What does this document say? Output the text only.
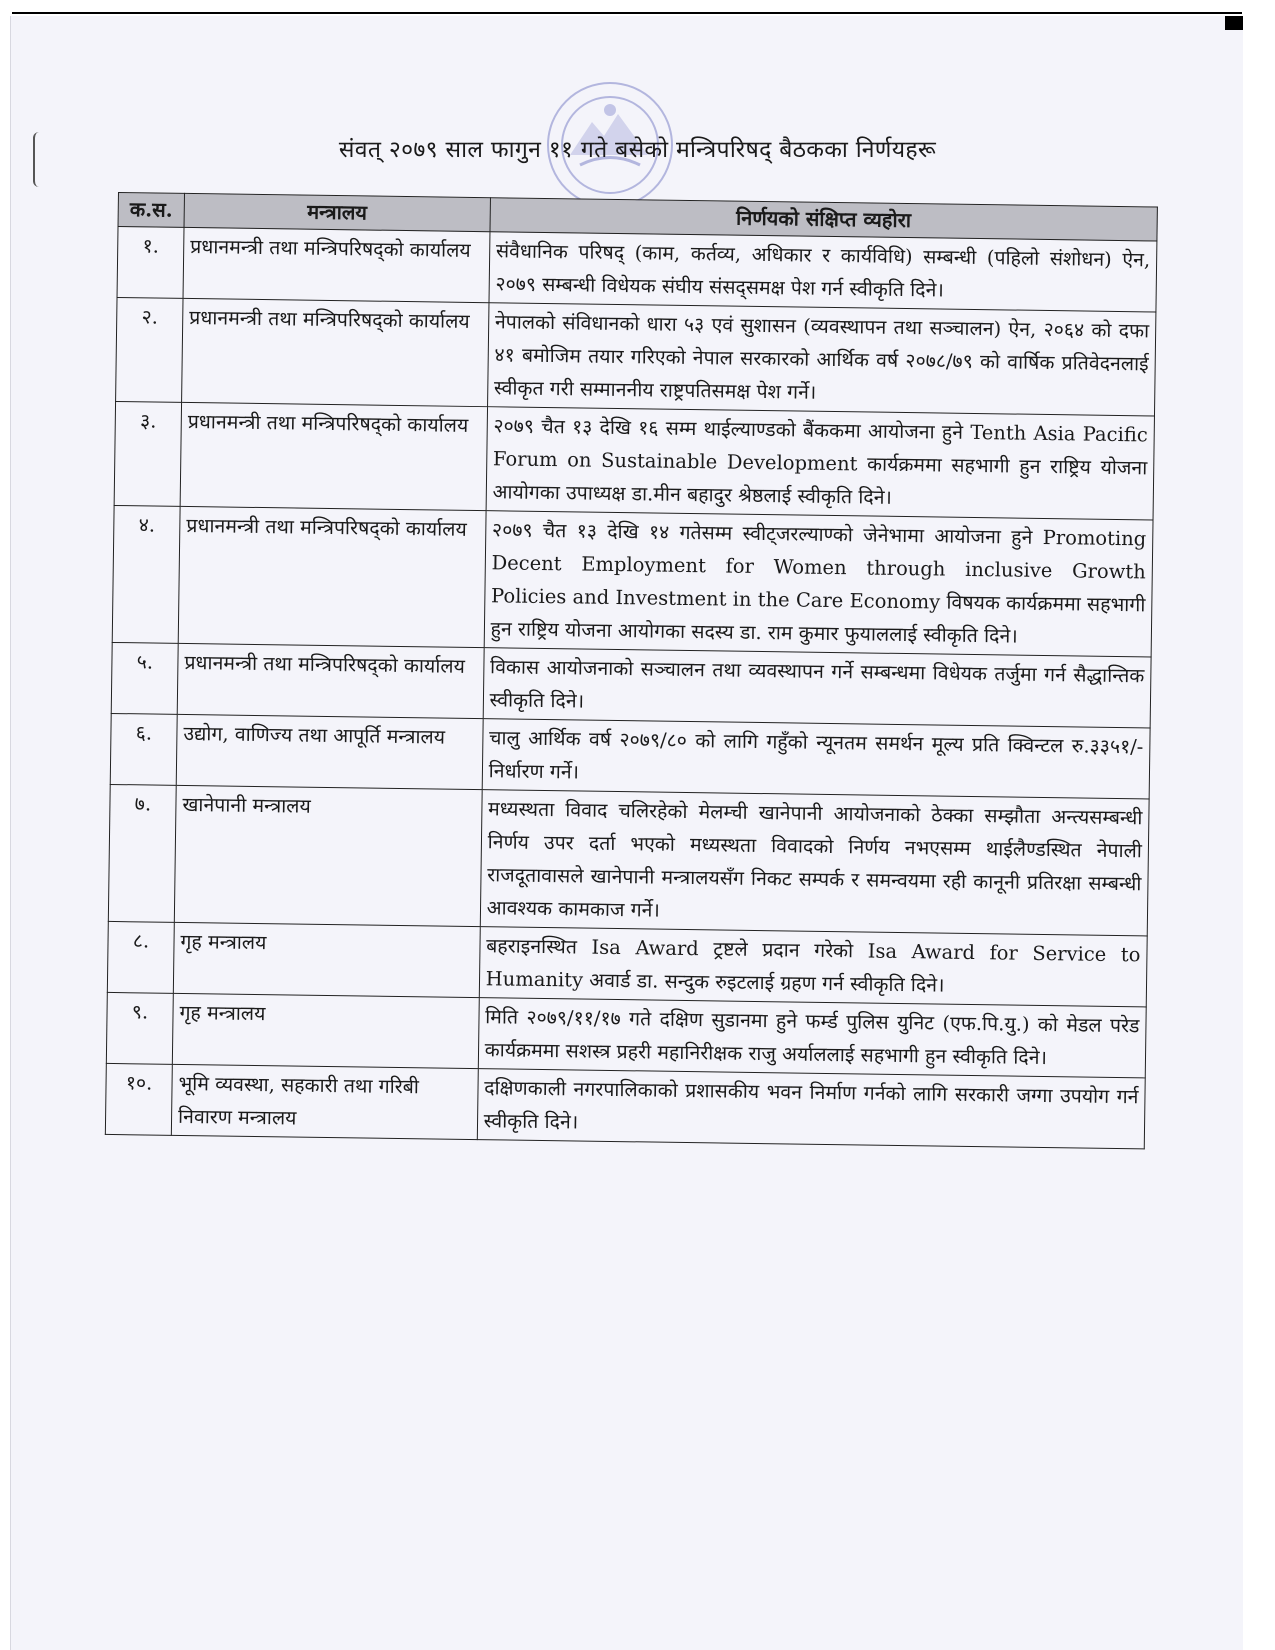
संवत् २०७९ साल फागुन ११ गते बसेको मन्त्रिपरिषद् बैठकका निर्णयहरू
क.स.	मन्त्रालय	निर्णयको संक्षिप्त व्यहोरा
१.	प्रधानमन्त्री तथा मन्त्रिपरिषद्को कार्यालय	संवैधानिक परिषद् (काम, कर्तव्य, अधिकार र कार्यविधि) सम्बन्धी (पहिलो संशोधन) ऐन, २०७९ सम्बन्धी विधेयक संघीय संसद्समक्ष पेश गर्न स्वीकृति दिने।
२.	प्रधानमन्त्री तथा मन्त्रिपरिषद्को कार्यालय	नेपालको संविधानको धारा ५३ एवं सुशासन (व्यवस्थापन तथा सञ्चालन) ऐन, २०६४ को दफा ४१ बमोजिम तयार गरिएको नेपाल सरकारको आर्थिक वर्ष २०७८/७९ को वार्षिक प्रतिवेदनलाई स्वीकृत गरी सम्माननीय राष्ट्रपतिसमक्ष पेश गर्ने।
३.	प्रधानमन्त्री तथा मन्त्रिपरिषद्को कार्यालय	२०७९ चैत १३ देखि १६ सम्म थाईल्याण्डको बैंककमा आयोजना हुने Tenth Asia Pacific Forum on Sustainable Development कार्यक्रममा सहभागी हुन राष्ट्रिय योजना आयोगका उपाध्यक्ष डा.मीन बहादुर श्रेष्ठलाई स्वीकृति दिने।
४.	प्रधानमन्त्री तथा मन्त्रिपरिषद्को कार्यालय	२०७९ चैत १३ देखि १४ गतेसम्म स्वीट्जरल्याण्को जेनेभामा आयोजना हुने Promoting Decent Employment for Women through inclusive Growth Policies and Investment in the Care Economy विषयक कार्यक्रममा सहभागी हुन राष्ट्रिय योजना आयोगका सदस्य डा. राम कुमार फुयाललाई स्वीकृति दिने।
५.	प्रधानमन्त्री तथा मन्त्रिपरिषद्को कार्यालय	विकास आयोजनाको सञ्चालन तथा व्यवस्थापन गर्ने सम्बन्धमा विधेयक तर्जुमा गर्न सैद्धान्तिक स्वीकृति दिने।
६.	उद्योग, वाणिज्य तथा आपूर्ति मन्त्रालय	चालु आर्थिक वर्ष २०७९/८० को लागि गहुँको न्यूनतम समर्थन मूल्य प्रति क्विन्टल रु.३३५१/- निर्धारण गर्ने।
७.	खानेपानी मन्त्रालय	मध्यस्थता विवाद चलिरहेको मेलम्ची खानेपानी आयोजनाको ठेक्का सम्झौता अन्त्यसम्बन्धी निर्णय उपर दर्ता भएको मध्यस्थता विवादको निर्णय नभएसम्म थाईलैण्डस्थित नेपाली राजदूतावासले खानेपानी मन्त्रालयसँग निकट सम्पर्क र समन्वयमा रही कानूनी प्रतिरक्षा सम्बन्धी आवश्यक कामकाज गर्ने।
८.	गृह मन्त्रालय	बहराइनस्थित Isa Award ट्रष्टले प्रदान गरेको Isa Award for Service to Humanity अवार्ड डा. सन्दुक रुइटलाई ग्रहण गर्न स्वीकृति दिने।
९.	गृह मन्त्रालय	मिति २०७९/११/१७ गते दक्षिण सुडानमा हुने फर्म्ड पुलिस युनिट (एफ.पि.यु.) को मेडल परेड कार्यक्रममा सशस्त्र प्रहरी महानिरीक्षक राजु अर्याललाई सहभागी हुन स्वीकृति दिने।
१०.	भूमि व्यवस्था, सहकारी तथा गरिबी निवारण मन्त्रालय	दक्षिणकाली नगरपालिकाको प्रशासकीय भवन निर्माण गर्नको लागि सरकारी जग्गा उपयोग गर्न स्वीकृति दिने।
